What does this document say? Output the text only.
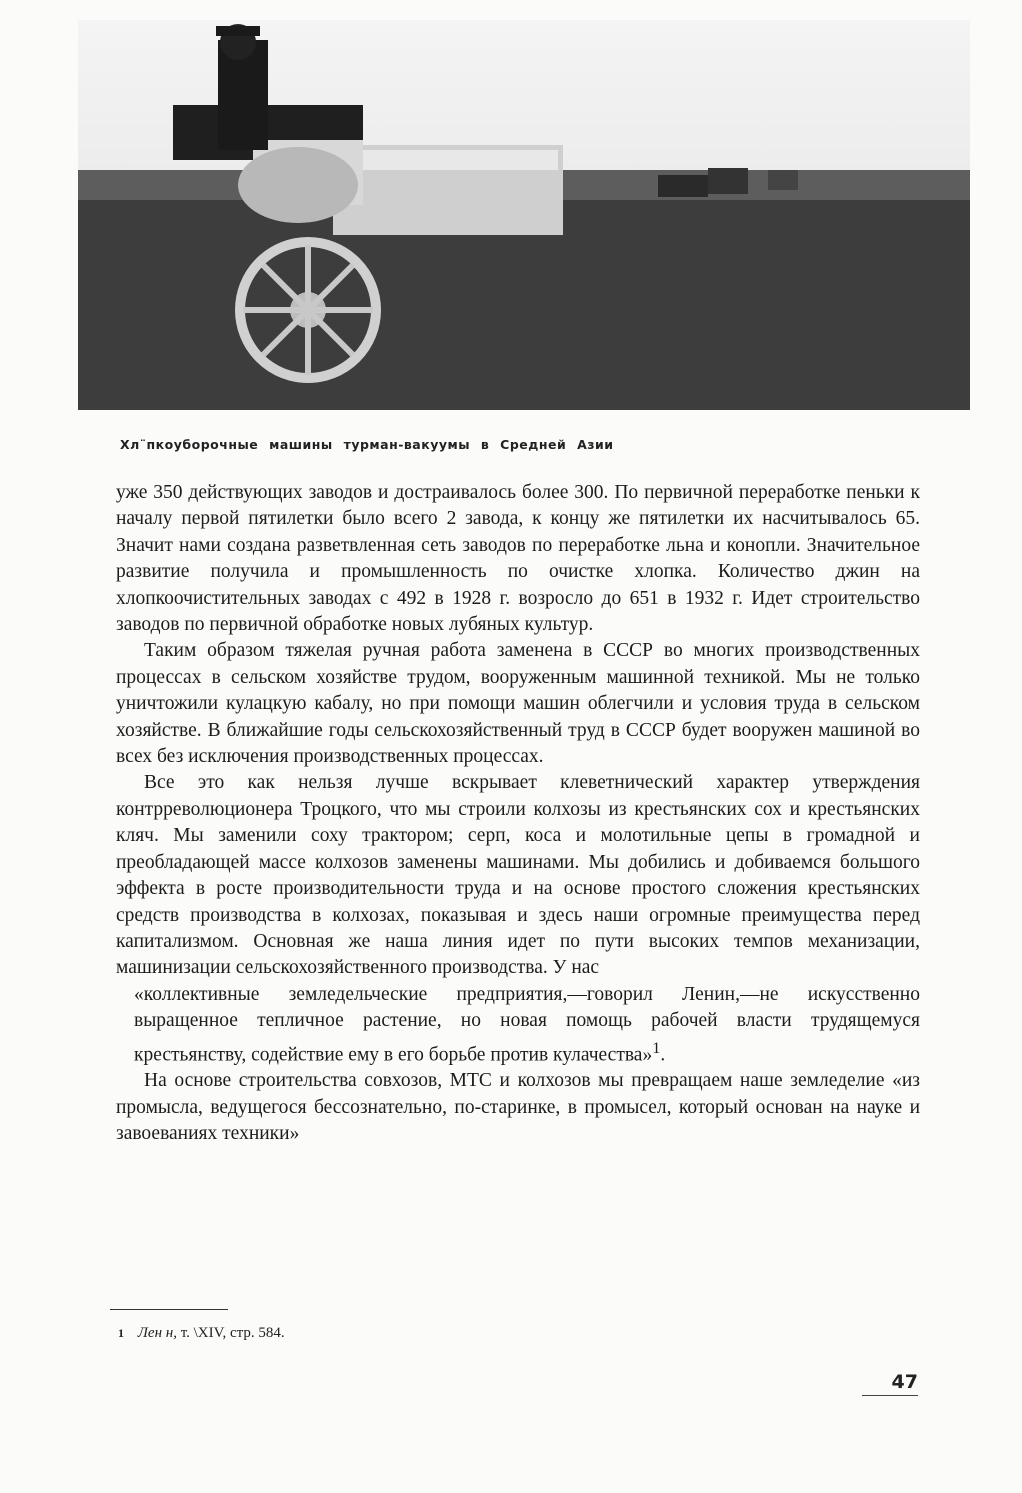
Хл¨пкоуборочные машины турман-вакуумы в Средней Азии

уже 350 действующих заводов и достраивалось более 300. По первичной переработке пеньки к началу первой пятилетки было всего 2 завода, к концу же пятилетки их насчитывалось 65. Значит нами создана разветвленная сеть заводов по переработке льна и конопли. Значительное развитие получила и промышленность по очистке хлопка. Количество джин на хлопкоочистительных заводах с 492 в 1928 г. возросло до 651 в 1932 г. Идет строительство заводов по первичной обработке новых лубяных культур.

Таким образом тяжелая ручная работа заменена в СССР во многих производственных процессах в сельском хозяйстве трудом, вооруженным машинной техникой. Мы не только уничтожили кулацкую кабалу, но при помощи машин облегчили и условия труда в сельском хозяйстве. В ближайшие годы сельскохозяйственный труд в СССР будет вооружен машиной во всех без исключения производственных процессах.

Все это как нельзя лучше вскрывает клеветнический характер утверждения контрреволюционера Троцкого, что мы строили колхозы из крестьянских сох и крестьянских кляч. Мы заменили соху трактором; серп, коса и молотильные цепы в громадной и преобладающей массе колхозов заменены машинами. Мы добились и добиваемся большого эффекта в росте производительности труда и на основе простого сложения крестьянских средств производства в колхозах, показывая и здесь наши огромные преимущества перед капитализмом. Основная же наша линия идет по пути высоких темпов механизации, машинизации сельскохозяйственного производства. У нас

«коллективные земледельческие предприятия,—говорил Ленин,—не искусственно выращенное тепличное растение, но новая помощь рабочей власти трудящемуся крестьянству, содействие ему в его борьбе против кулачества»$^1$.

На основе строительства совхозов, МТС и колхозов мы превращаем наше земледелие «из промысла, ведущегося бессознательно, по-старинке, в промысел, который основан на науке и завоеваниях техники»

1 Лен н, т. \XIV, стр. 584.
47
